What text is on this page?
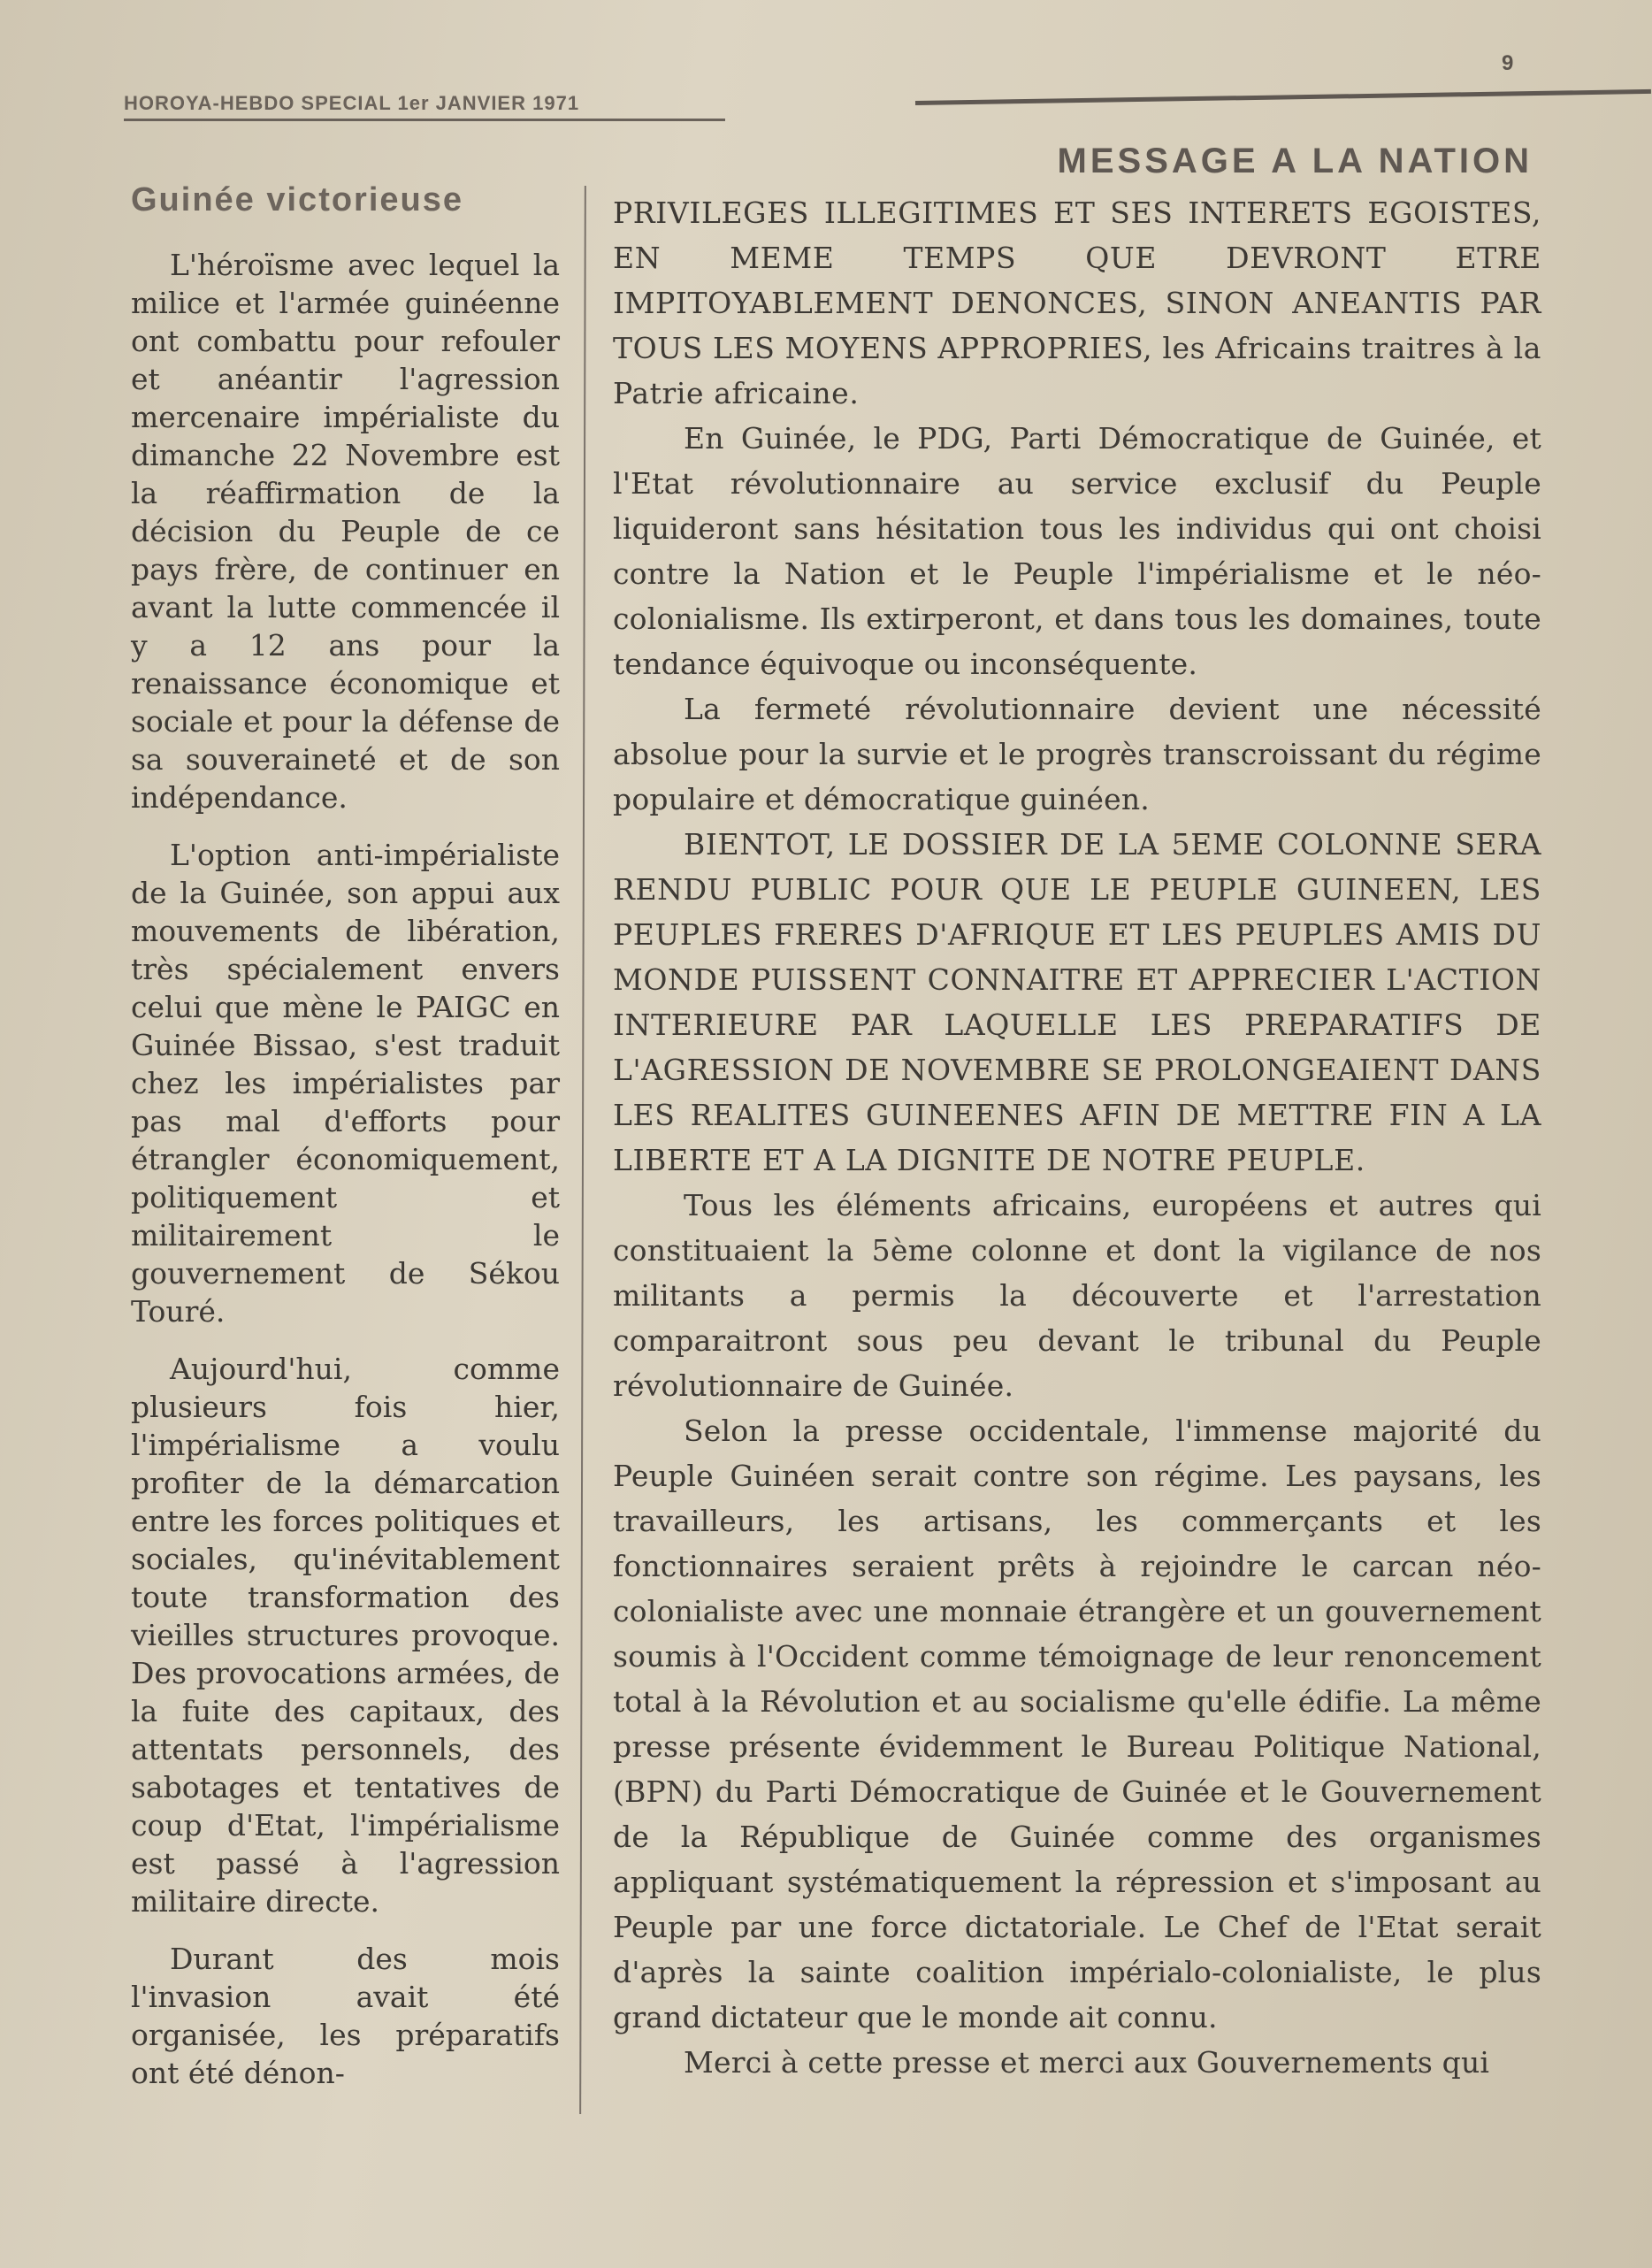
HOROYA-HEBDO SPECIAL 1er JANVIER 1971
9
Guinée victorieuse

L'héroïsme avec lequel la milice et l'armée guinéenne ont combattu pour refouler et anéantir l'agression mercenaire impérialiste du dimanche 22 Novembre est la réaffirmation de la décision du Peuple de ce pays frère, de continuer en avant la lutte commencée il y a 12 ans pour la renaissance économique et sociale et pour la défense de sa souveraineté et de son indépendance.

L'option anti-impérialiste de la Guinée, son appui aux mouvements de libération, très spécialement envers celui que mène le PAIGC en Guinée Bissao, s'est traduit chez les impérialistes par pas mal d'efforts pour étrangler économiquement, politiquement et militairement le gouvernement de Sékou Touré.

Aujourd'hui, comme plusieurs fois hier, l'impérialisme a voulu profiter de la démarcation entre les forces politiques et sociales, qu'inévitablement toute transformation des vieilles structures provoque. Des provocations armées, de la fuite des capitaux, des attentats personnels, des sabotages et tentatives de coup d'Etat, l'impérialisme est passé à l'agression militaire directe.

Durant des mois l'invasion avait été organisée, les préparatifs ont été dénon-

MESSAGE A LA NATION

PRIVILEGES ILLEGITIMES ET SES INTERETS EGOISTES, EN MEME TEMPS QUE DEVRONT ETRE IMPITOYABLEMENT DENONCES, SINON ANEANTIS PAR TOUS LES MOYENS APPROPRIES, les Africains traitres à la Patrie africaine.

En Guinée, le PDG, Parti Démocratique de Guinée, et l'Etat révolutionnaire au service exclusif du Peuple liquideront sans hésitation tous les individus qui ont choisi contre la Nation et le Peuple l'impérialisme et le néo-colonialisme. Ils extirperont, et dans tous les domaines, toute tendance équivoque ou inconséquente.

La fermeté révolutionnaire devient une nécessité absolue pour la survie et le progrès transcroissant du régime populaire et démocratique guinéen.

BIENTOT, LE DOSSIER DE LA 5EME COLONNE SERA RENDU PUBLIC POUR QUE LE PEUPLE GUINEEN, LES PEUPLES FRERES D'AFRIQUE ET LES PEUPLES AMIS DU MONDE PUISSENT CONNAITRE ET APPRECIER L'ACTION INTERIEURE PAR LAQUELLE LES PREPARATIFS DE L'AGRESSION DE NOVEMBRE SE PROLONGEAIENT DANS LES REALITES GUINEENES AFIN DE METTRE FIN A LA LIBERTE ET A LA DIGNITE DE NOTRE PEUPLE.

Tous les éléments africains, européens et autres qui constituaient la 5ème colonne et dont la vigilance de nos militants a permis la découverte et l'arrestation comparaitront sous peu devant le tribunal du Peuple révolutionnaire de Guinée.

Selon la presse occidentale, l'immense majorité du Peuple Guinéen serait contre son régime. Les paysans, les travailleurs, les artisans, les commerçants et les fonctionnaires seraient prêts à rejoindre le carcan néo-colonialiste avec une monnaie étrangère et un gouvernement soumis à l'Occident comme témoignage de leur renoncement total à la Révolution et au socialisme qu'elle édifie. La même presse présente évidemment le Bureau Politique National, (BPN) du Parti Démocratique de Guinée et le Gouvernement de la République de Guinée comme des organismes appliquant systématiquement la répression et s'imposant au Peuple par une force dictatoriale. Le Chef de l'Etat serait d'après la sainte coalition impérialo-colonialiste, le plus grand dictateur que le monde ait connu.

Merci à cette presse et merci aux Gouvernements qui
